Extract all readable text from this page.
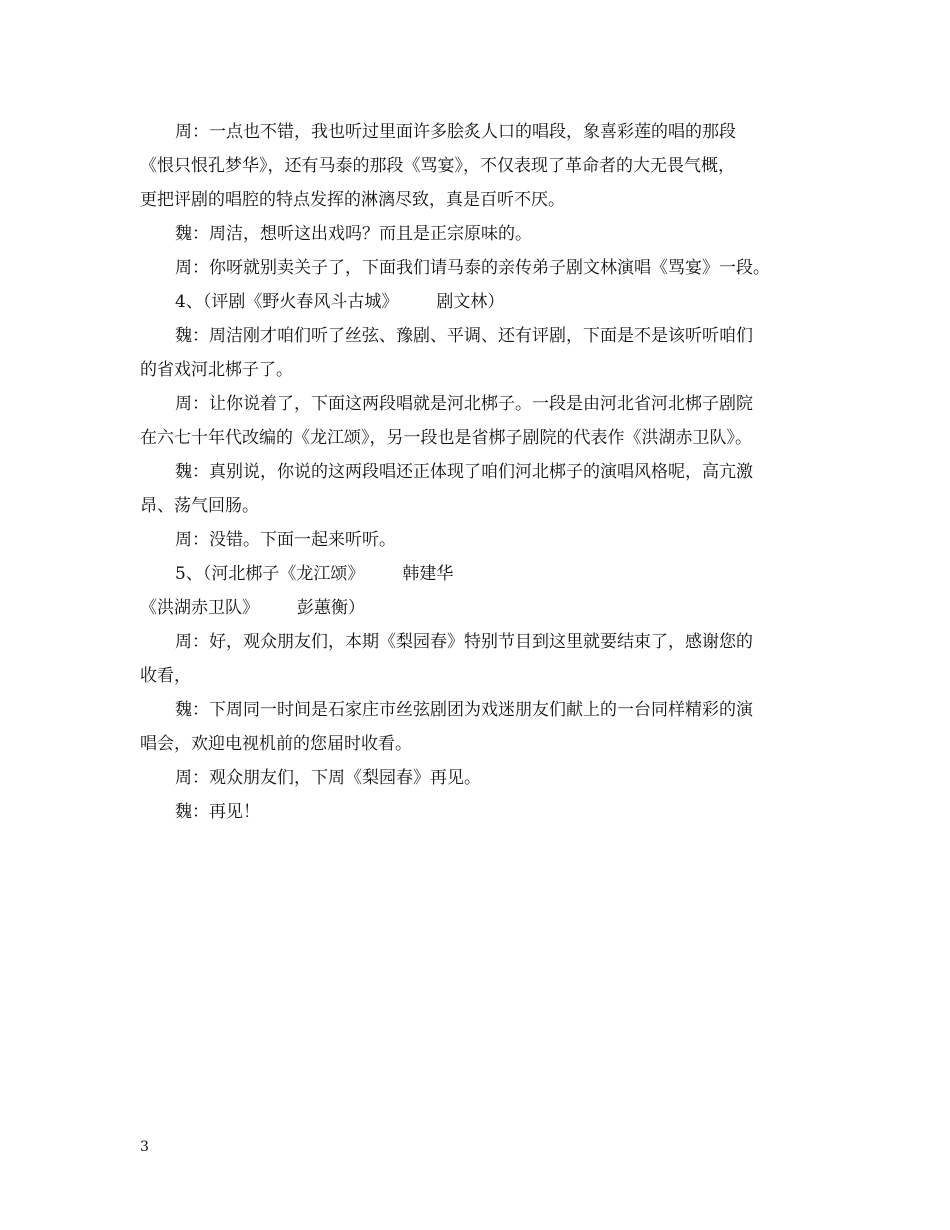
周：一点也不错，我也听过里面许多脍炙人口的唱段，象喜彩莲的唱的那段
《恨只恨孔梦华》，还有马泰的那段《骂宴》，不仅表现了革命者的大无畏气概，
更把评剧的唱腔的特点发挥的淋漓尽致，真是百听不厌。
魏：周洁，想听这出戏吗？而且是正宗原味的。
周：你呀就别卖关子了，下面我们请马泰的亲传弟子剧文林演唱《骂宴》一段。
4、（评剧《野火春风斗古城》 剧文林）
魏：周洁刚才咱们听了丝弦、豫剧、平调、还有评剧，下面是不是该听听咱们
的省戏河北梆子了。
周：让你说着了，下面这两段唱就是河北梆子。一段是由河北省河北梆子剧院
在六七十年代改编的《龙江颂》，另一段也是省梆子剧院的代表作《洪湖赤卫队》。
魏：真别说，你说的这两段唱还正体现了咱们河北梆子的演唱风格呢，高亢激
昂、荡气回肠。
周：没错。下面一起来听听。
5、（河北梆子《龙江颂》 韩建华
《洪湖赤卫队》 彭蕙衡）
周：好，观众朋友们，本期《梨园春》特别节目到这里就要结束了，感谢您的
收看，
魏：下周同一时间是石家庄市丝弦剧团为戏迷朋友们献上的一台同样精彩的演
唱会，欢迎电视机前的您届时收看。
周：观众朋友们，下周《梨园春》再见。
魏：再见！
3
